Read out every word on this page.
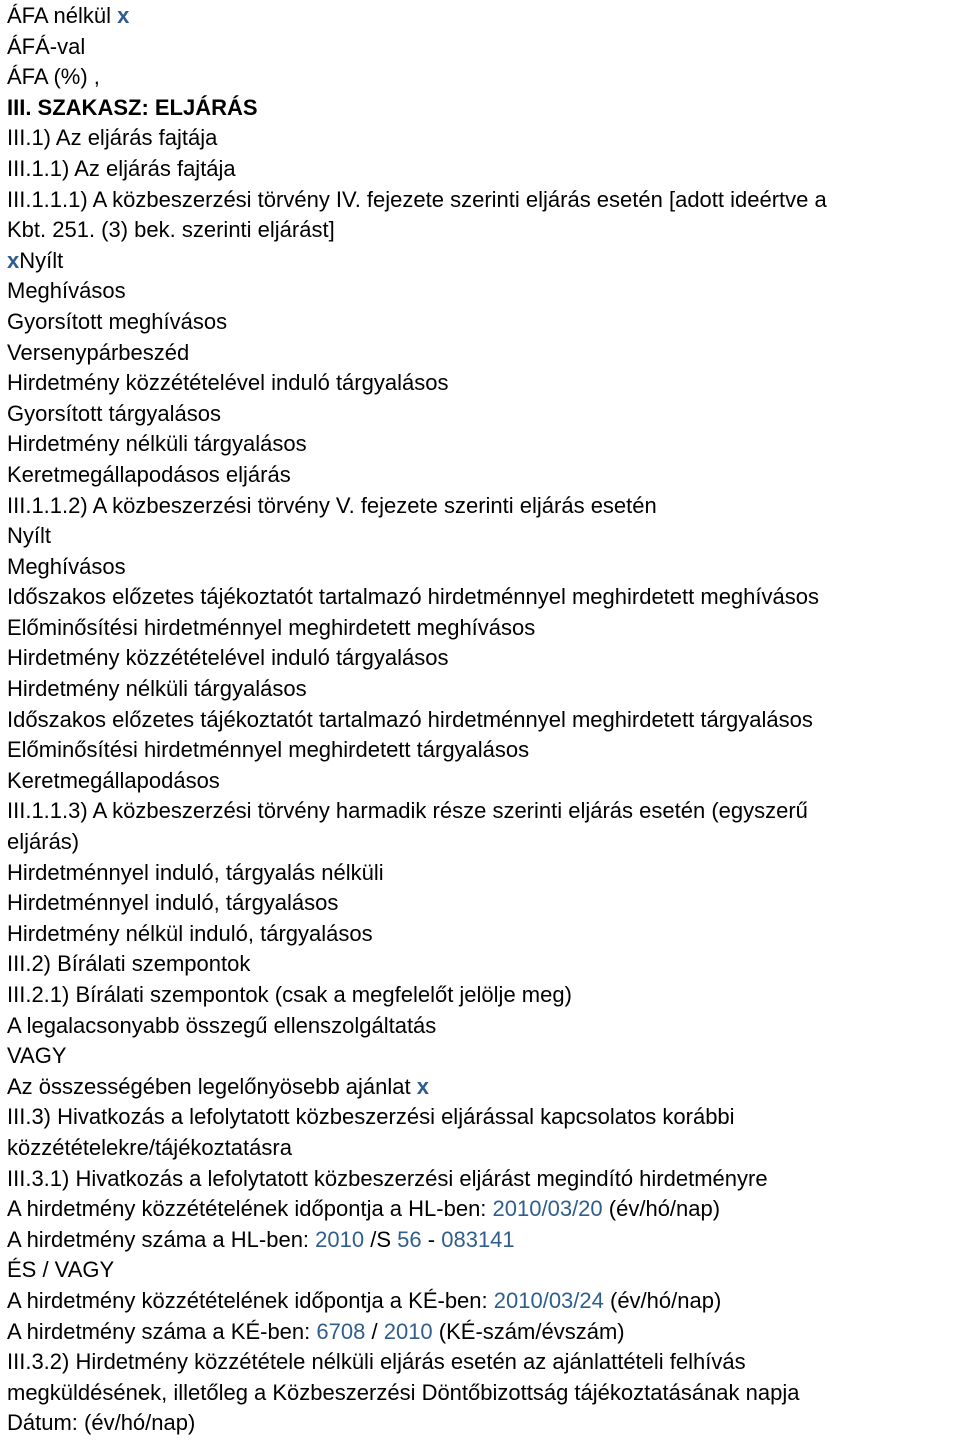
ÁFA nélkül x

ÁFÁ-val

ÁFA (%) ,

III. SZAKASZ: ELJÁRÁS

III.1) Az eljárás fajtája

III.1.1) Az eljárás fajtája

III.1.1.1) A közbeszerzési törvény IV. fejezete szerinti eljárás esetén [adott ideértve a

Kbt. 251. (3) bek. szerinti eljárást]

xNyílt

Meghívásos

Gyorsított meghívásos

Versenypárbeszéd

Hirdetmény közzétételével induló tárgyalásos

Gyorsított tárgyalásos

Hirdetmény nélküli tárgyalásos

Keretmegállapodásos eljárás

III.1.1.2) A közbeszerzési törvény V. fejezete szerinti eljárás esetén

Nyílt

Meghívásos

Időszakos előzetes tájékoztatót tartalmazó hirdetménnyel meghirdetett meghívásos

Előminősítési hirdetménnyel meghirdetett meghívásos

Hirdetmény közzétételével induló tárgyalásos

Hirdetmény nélküli tárgyalásos

Időszakos előzetes tájékoztatót tartalmazó hirdetménnyel meghirdetett tárgyalásos

Előminősítési hirdetménnyel meghirdetett tárgyalásos

Keretmegállapodásos

III.1.1.3) A közbeszerzési törvény harmadik része szerinti eljárás esetén (egyszerű

eljárás)

Hirdetménnyel induló, tárgyalás nélküli

Hirdetménnyel induló, tárgyalásos

Hirdetmény nélkül induló, tárgyalásos

III.2) Bírálati szempontok

III.2.1) Bírálati szempontok (csak a megfelelőt jelölje meg)

A legalacsonyabb összegű ellenszolgáltatás

VAGY

Az összességében legelőnyösebb ajánlat x

III.3) Hivatkozás a lefolytatott közbeszerzési eljárással kapcsolatos korábbi

közzétételekre/tájékoztatásra

III.3.1) Hivatkozás a lefolytatott közbeszerzési eljárást megindító hirdetményre

A hirdetmény közzétételének időpontja a HL-ben: 2010/03/20 (év/hó/nap)

A hirdetmény száma a HL-ben: 2010 /S 56 - 083141

ÉS / VAGY

A hirdetmény közzétételének időpontja a KÉ-ben: 2010/03/24 (év/hó/nap)

A hirdetmény száma a KÉ-ben: 6708 / 2010 (KÉ-szám/évszám)

III.3.2) Hirdetmény közzététele nélküli eljárás esetén az ajánlattételi felhívás

megküldésének, illetőleg a Közbeszerzési Döntőbizottság tájékoztatásának napja

Dátum: (év/hó/nap)
